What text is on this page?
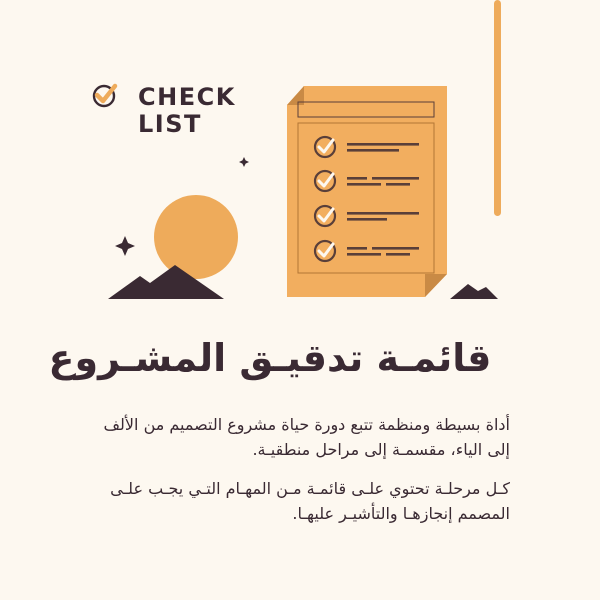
CHECK
LIST
قائمـة تدقيـق المشـروع

أداة بسيطة ومنظمة تتبع دورة حياة مشروع التصميم من الألف إلى الياء، مقسمـة إلى مراحل منطقيـة.

كـل مرحلـة تحتوي علـى قائمـة مـن المهـام التـي يجـب علـى المصمم إنجازهـا والتأشيـر عليهـا.
